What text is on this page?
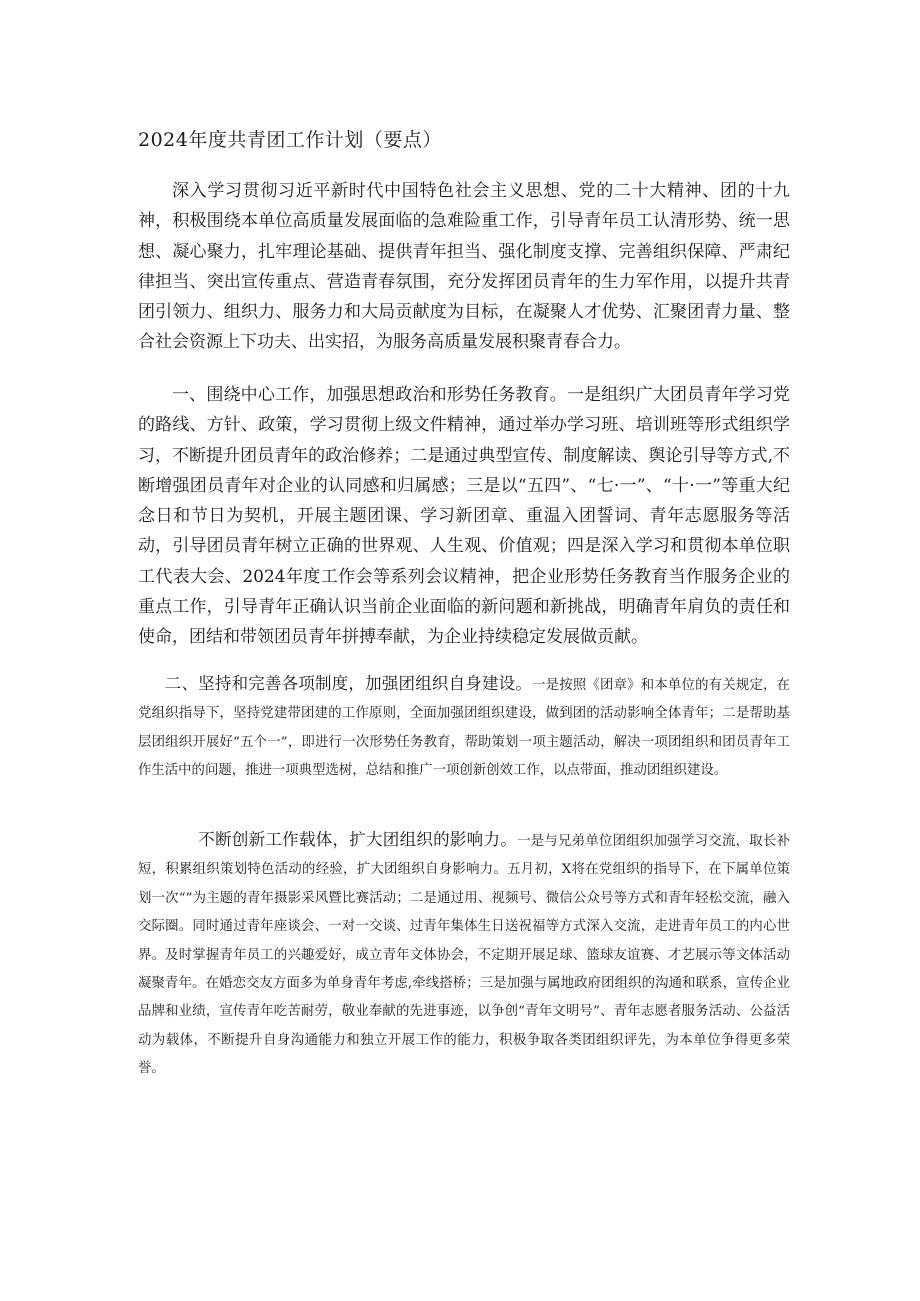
2024年度共青团工作计划（要点）

深入学习贯彻习近平新时代中国特色社会主义思想、党的二十大精神、团的十九神，积极围绕本单位高质量发展面临的急难险重工作，引导青年员工认清形势、统一思想、凝心聚力，扎牢理论基础、提供青年担当、强化制度支撑、完善组织保障、严肃纪律担当、突出宣传重点、营造青春氛围，充分发挥团员青年的生力军作用，以提升共青团引领力、组织力、服务力和大局贡献度为目标，在凝聚人才优势、汇聚团青力量、整合社会资源上下功夫、出实招，为服务高质量发展积聚青春合力。

一、围绕中心工作，加强思想政治和形势任务教育。一是组织广大团员青年学习党的路线、方针、政策，学习贯彻上级文件精神，通过举办学习班、培训班等形式组织学习，不断提升团员青年的政治修养；二是通过典型宣传、制度解读、舆论引导等方式,不断增强团员青年对企业的认同感和归属感；三是以“五四”、“七·一”、“十·一”等重大纪念日和节日为契机，开展主题团课、学习新团章、重温入团誓词、青年志愿服务等活动，引导团员青年树立正确的世界观、人生观、价值观；四是深入学习和贯彻本单位职工代表大会、2024年度工作会等系列会议精神，把企业形势任务教育当作服务企业的重点工作，引导青年正确认识当前企业面临的新问题和新挑战，明确青年肩负的责任和使命，团结和带领团员青年拼搏奉献，为企业持续稳定发展做贡献。

二、坚持和完善各项制度，加强团组织自身建设。一是按照《团章》和本单位的有关规定，在党组织指导下，坚持党建带团建的工作原则，全面加强团组织建设，做到团的活动影响全体青年；二是帮助基层团组织开展好“五个一”，即进行一次形势任务教育，帮助策划一项主题活动，解决一项团组织和团员青年工作生活中的问题，推进一项典型选树，总结和推广一项创新创效工作，以点带面，推动团组织建设。

不断创新工作载体，扩大团组织的影响力。一是与兄弟单位团组织加强学习交流，取长补短，积累组织策划特色活动的经验，扩大团组织自身影响力。五月初，X将在党组织的指导下，在下属单位策划一次“”为主题的青年摄影采风暨比赛活动；二是通过用、视频号、微信公众号等方式和青年轻松交流，融入交际圈。同时通过青年座谈会、一对一交谈、过青年集体生日送祝福等方式深入交流，走进青年员工的内心世界。及时掌握青年员工的兴趣爱好，成立青年文体协会，不定期开展足球、篮球友谊赛、才艺展示等文体活动凝聚青年。在婚恋交友方面多为单身青年考虑,牵线搭桥；三是加强与属地政府团组织的沟通和联系，宣传企业品牌和业绩，宣传青年吃苦耐劳，敬业奉献的先进事迹，以争创“青年文明号”、青年志愿者服务活动、公益活动为载体，不断提升自身沟通能力和独立开展工作的能力，积极争取各类团组织评先，为本单位争得更多荣誉。
